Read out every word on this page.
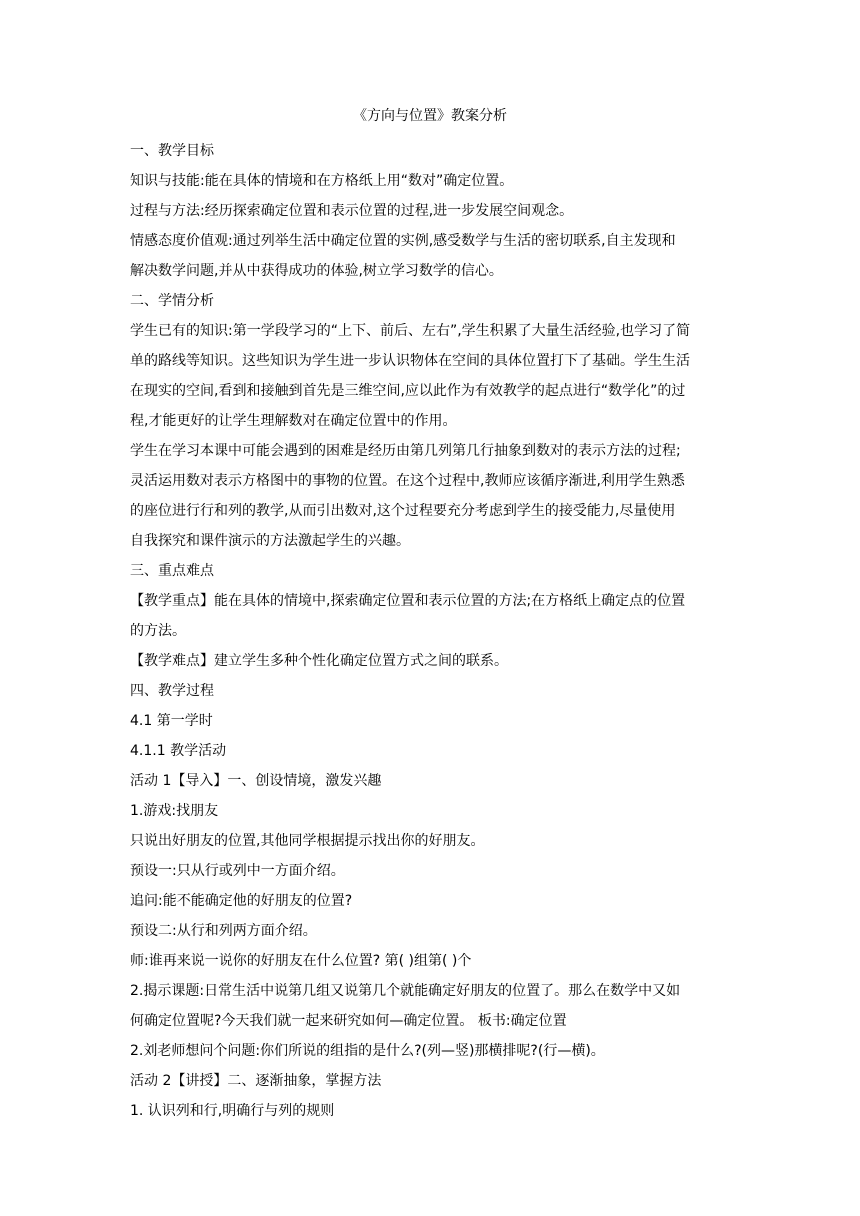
《方向与位置》教案分析

一、教学目标

知识与技能:能在具体的情境和在方格纸上用“数对”确定位置。

过程与方法:经历探索确定位置和表示位置的过程,进一步发展空间观念。

情感态度价值观:通过列举生活中确定位置的实例,感受数学与生活的密切联系,自主发现和

解决数学问题,并从中获得成功的体验,树立学习数学的信心。

二、学情分析

学生已有的知识:第一学段学习的“上下、前后、左右”,学生积累了大量生活经验,也学习了简

单的路线等知识。这些知识为学生进一步认识物体在空间的具体位置打下了基础。学生生活

在现实的空间,看到和接触到首先是三维空间,应以此作为有效教学的起点进行“数学化”的过

程,才能更好的让学生理解数对在确定位置中的作用。

学生在学习本课中可能会遇到的困难是经历由第几列第几行抽象到数对的表示方法的过程;

灵活运用数对表示方格图中的事物的位置。在这个过程中,教师应该循序渐进,利用学生熟悉

的座位进行行和列的教学,从而引出数对,这个过程要充分考虑到学生的接受能力,尽量使用

自我探究和课件演示的方法激起学生的兴趣。

三、重点难点

【教学重点】能在具体的情境中,探索确定位置和表示位置的方法;在方格纸上确定点的位置

的方法。

【教学难点】建立学生多种个性化确定位置方式之间的联系。

四、教学过程

4.1 第一学时

4.1.1 教学活动

活动 1【导入】一、创设情境，激发兴趣

1.游戏:找朋友

只说出好朋友的位置,其他同学根据提示找出你的好朋友。

预设一:只从行或列中一方面介绍。

追问:能不能确定他的好朋友的位置?

预设二:从行和列两方面介绍。

师:谁再来说一说你的好朋友在什么位置? 第( )组第( )个

2.揭示课题:日常生活中说第几组又说第几个就能确定好朋友的位置了。那么在数学中又如

何确定位置呢?今天我们就一起来研究如何—确定位置。 板书:确定位置

2.刘老师想问个问题:你们所说的组指的是什么?(列—竖)那横排呢?(行—横)。

活动 2【讲授】二、逐渐抽象，掌握方法

1. 认识列和行,明确行与列的规则
